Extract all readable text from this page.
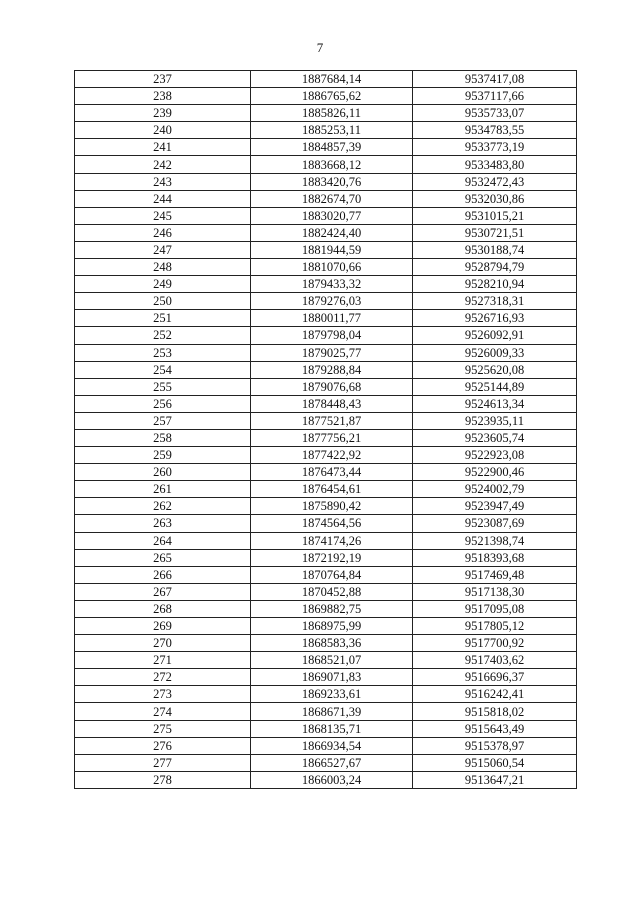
7
237	1887684,14	9537417,08
238	1886765,62	9537117,66
239	1885826,11	9535733,07
240	1885253,11	9534783,55
241	1884857,39	9533773,19
242	1883668,12	9533483,80
243	1883420,76	9532472,43
244	1882674,70	9532030,86
245	1883020,77	9531015,21
246	1882424,40	9530721,51
247	1881944,59	9530188,74
248	1881070,66	9528794,79
249	1879433,32	9528210,94
250	1879276,03	9527318,31
251	1880011,77	9526716,93
252	1879798,04	9526092,91
253	1879025,77	9526009,33
254	1879288,84	9525620,08
255	1879076,68	9525144,89
256	1878448,43	9524613,34
257	1877521,87	9523935,11
258	1877756,21	9523605,74
259	1877422,92	9522923,08
260	1876473,44	9522900,46
261	1876454,61	9524002,79
262	1875890,42	9523947,49
263	1874564,56	9523087,69
264	1874174,26	9521398,74
265	1872192,19	9518393,68
266	1870764,84	9517469,48
267	1870452,88	9517138,30
268	1869882,75	9517095,08
269	1868975,99	9517805,12
270	1868583,36	9517700,92
271	1868521,07	9517403,62
272	1869071,83	9516696,37
273	1869233,61	9516242,41
274	1868671,39	9515818,02
275	1868135,71	9515643,49
276	1866934,54	9515378,97
277	1866527,67	9515060,54
278	1866003,24	9513647,21
